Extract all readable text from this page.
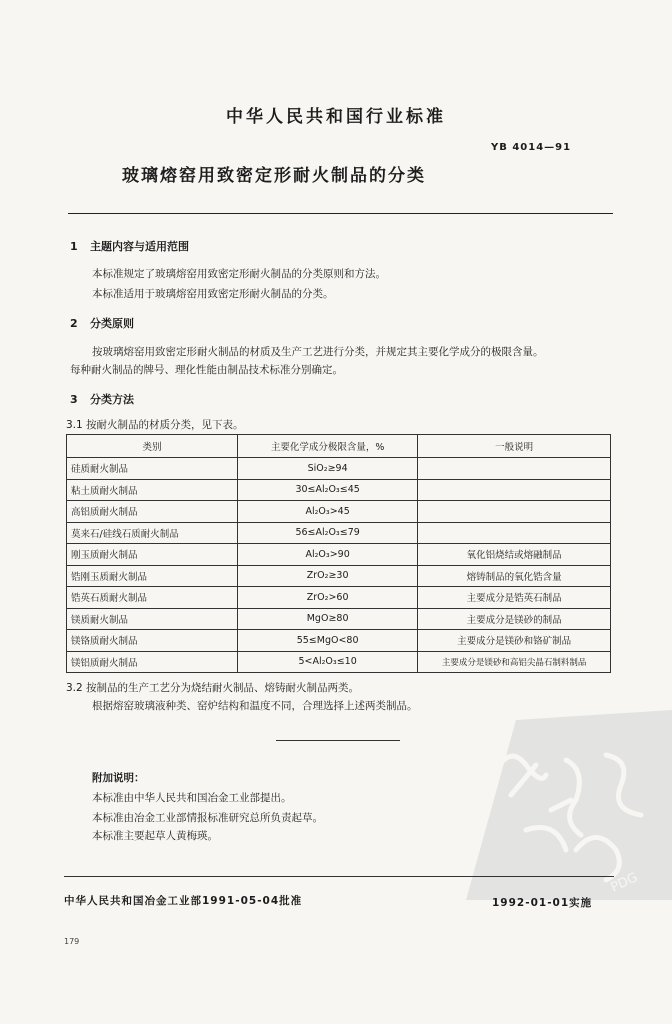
中华人民共和国行业标准
YB 4014—91
玻璃熔窑用致密定形耐火制品的分类
1 主题内容与适用范围
本标准规定了玻璃熔窑用致密定形耐火制品的分类原则和方法。
本标准适用于玻璃熔窑用致密定形耐火制品的分类。
2 分类原则
按玻璃熔窑用致密定形耐火制品的材质及生产工艺进行分类，并规定其主要化学成分的极限含量。
每种耐火制品的牌号、理化性能由制品技术标准分别确定。
3 分类方法
3.1 按耐火制品的材质分类，见下表。
类别	主要化学成分极限含量，%	一般说明
硅质耐火制品	SiO₂≥94	
粘土质耐火制品	30≤Al₂O₃≤45	
高铝质耐火制品	Al₂O₃>45	
莫来石/硅线石质耐火制品	56≤Al₂O₃≤79	
刚玉质耐火制品	Al₂O₃>90	氧化铝烧结或熔融制品
锆刚玉质耐火制品	ZrO₂≥30	熔铸制品的氧化锆含量
锆英石质耐火制品	ZrO₂>60	主要成分是锆英石制品
镁质耐火制品	MgO≥80	主要成分是镁砂的制品
镁铬质耐火制品	55≤MgO<80	主要成分是镁砂和铬矿制品
镁铝质耐火制品	5<Al₂O₃≤10	主要成分是镁砂和高铝尖晶石制料制品
3.2 按制品的生产工艺分为烧结耐火制品、熔铸耐火制品两类。
根据熔窑玻璃液种类、窑炉结构和温度不同，合理选择上述两类制品。
附加说明：
本标准由中华人民共和国冶金工业部提出。
本标准由冶金工业部情报标准研究总所负责起草。
本标准主要起草人黄梅瑛。
PDG
中华人民共和国冶金工业部1991-05-04批准	1992-01-01实施
179
